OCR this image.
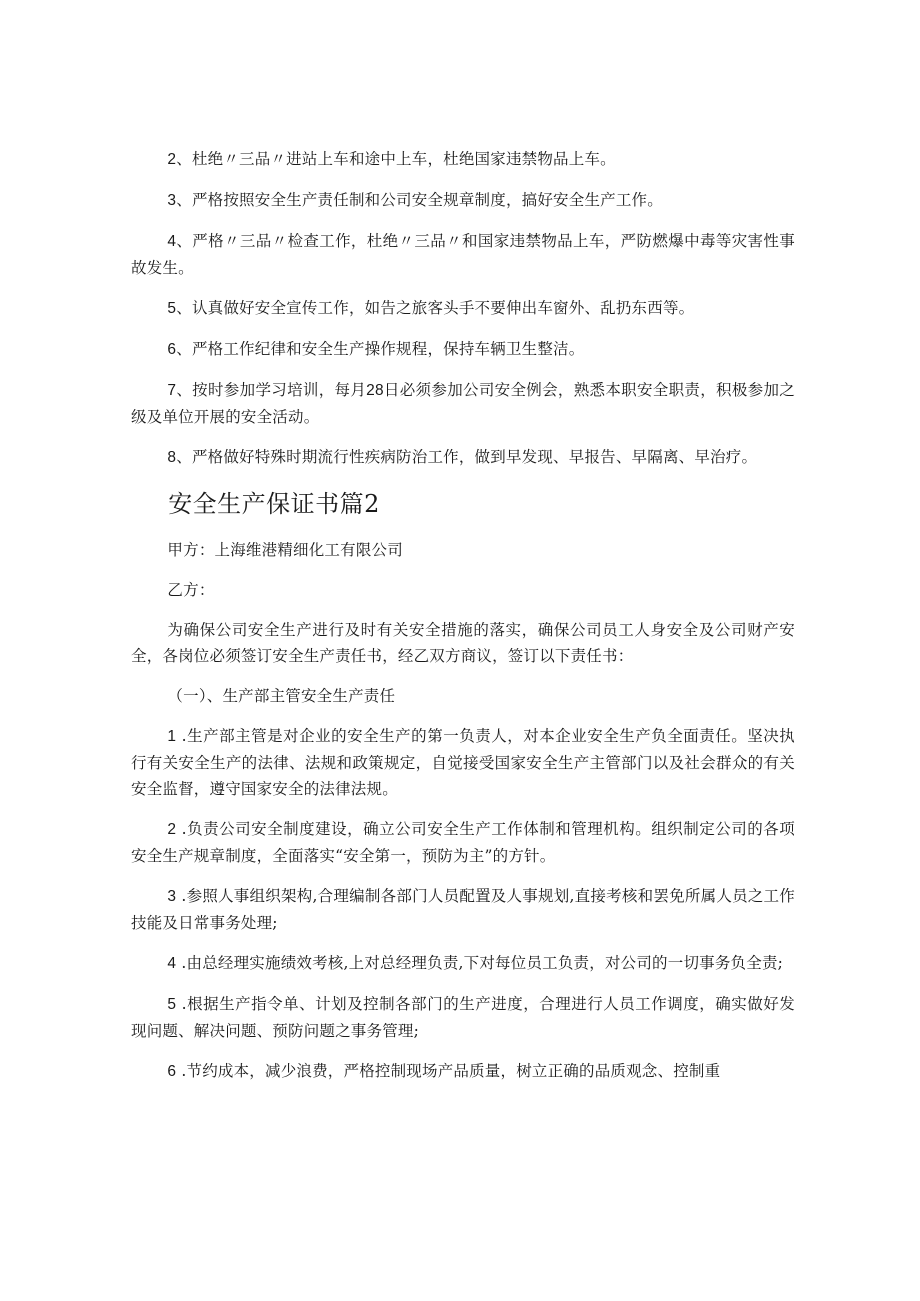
2、杜绝〃三品〃进站上车和途中上车，杜绝国家违禁物品上车。

3、严格按照安全生产责任制和公司安全规章制度，搞好安全生产工作。

4、严格〃三品〃检查工作，杜绝〃三品〃和国家违禁物品上车，严防燃爆中毒等灾害性事故发生。

5、认真做好安全宣传工作，如告之旅客头手不要伸出车窗外、乱扔东西等。

6、严格工作纪律和安全生产操作规程，保持车辆卫生整洁。

7、按时参加学习培训，每月28日必须参加公司安全例会，熟悉本职安全职责，积极参加之级及单位开展的安全活动。

8、严格做好特殊时期流行性疾病防治工作，做到早发现、早报告、早隔离、早治疗。

安全生产保证书篇2

甲方：上海维港精细化工有限公司

乙方：

为确保公司安全生产进行及时有关安全措施的落实，确保公司员工人身安全及公司财产安全，各岗位必须签订安全生产责任书，经乙双方商议，签订以下责任书：

（一）、生产部主管安全生产责任

1 .生产部主管是对企业的安全生产的第一负责人，对本企业安全生产负全面责任。坚决执行有关安全生产的法律、法规和政策规定，自觉接受国家安全生产主管部门以及社会群众的有关安全监督，遵守国家安全的法律法规。

2 .负责公司安全制度建设，确立公司安全生产工作体制和管理机构。组织制定公司的各项安全生产规章制度，全面落实“安全第一，预防为主”的方针。

3 .参照人事组织架构,合理编制各部门人员配置及人事规划,直接考核和罢免所属人员之工作技能及日常事务处理;

4 .由总经理实施绩效考核,上对总经理负责,下对每位员工负责，对公司的一切事务负全责;

5 .根据生产指令单、计划及控制各部门的生产进度，合理进行人员工作调度，确实做好发现问题、解决问题、预防问题之事务管理;

6 .节约成本，减少浪费，严格控制现场产品质量，树立正确的品质观念、控制重
